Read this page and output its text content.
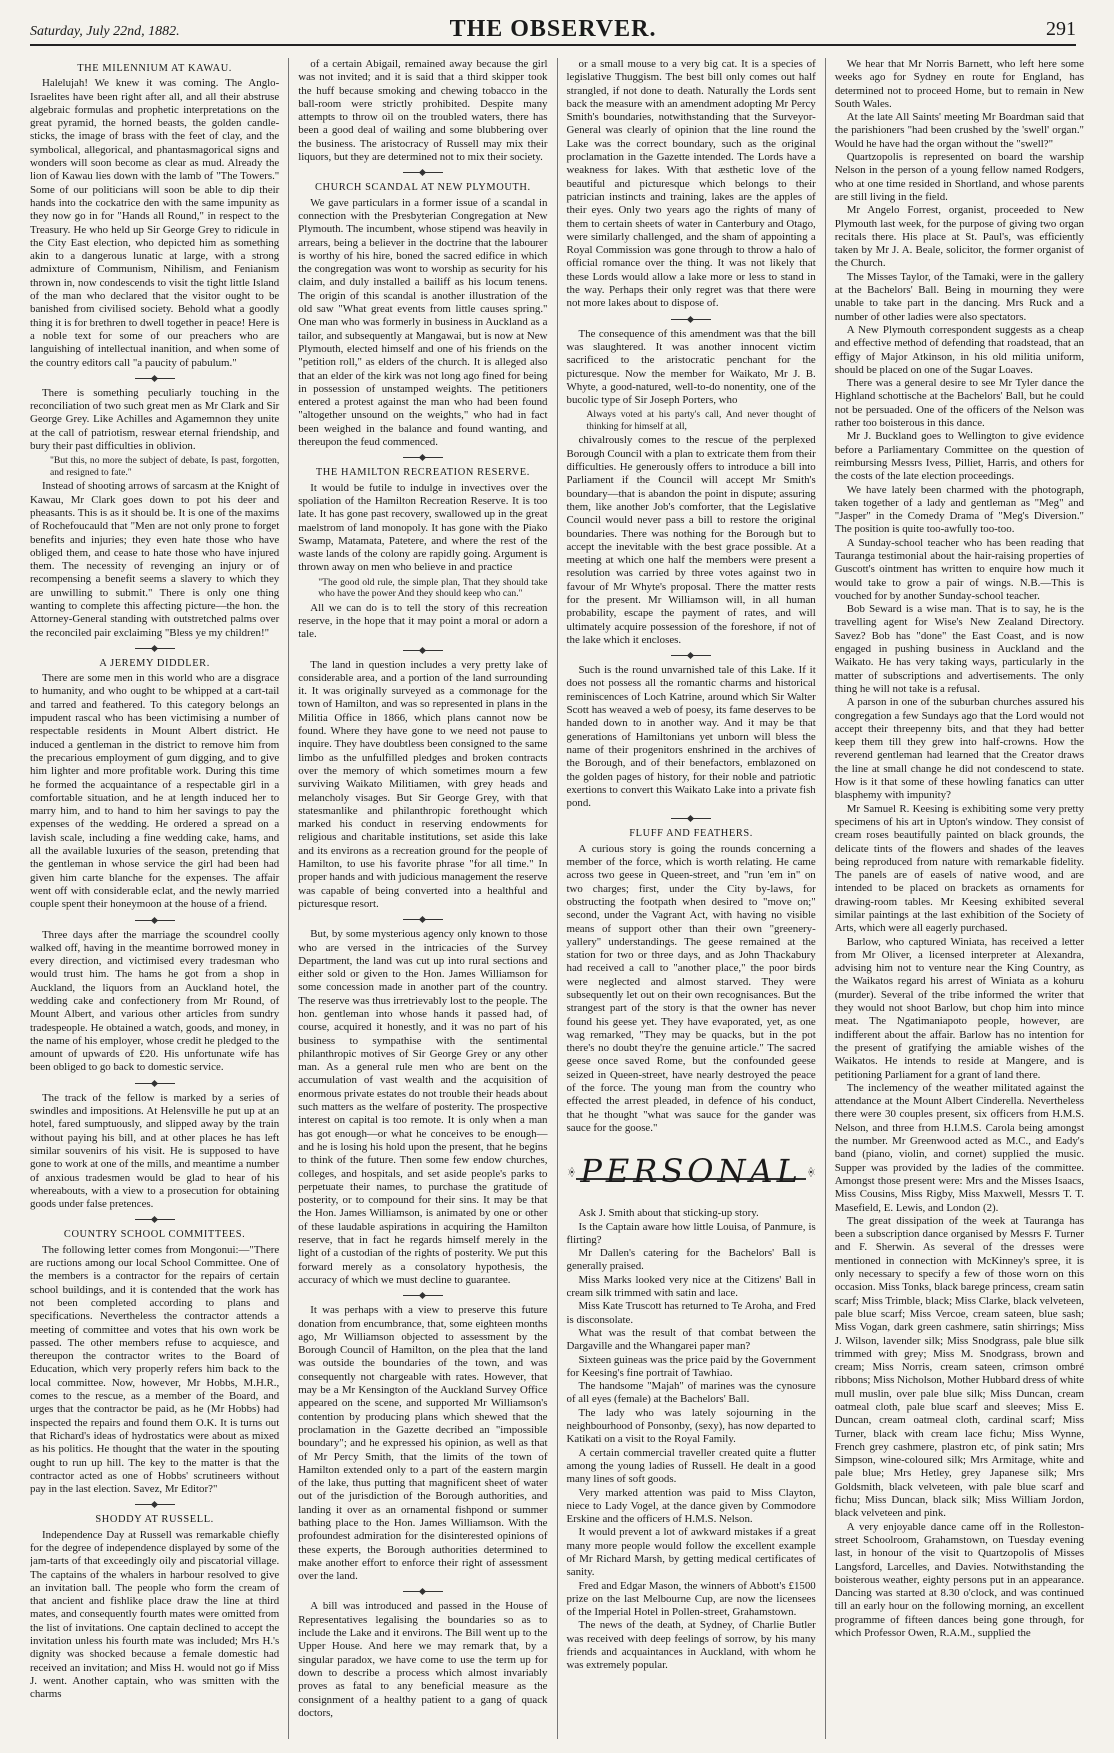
Saturday, July 22nd, 1882.	THE OBSERVER.	291
THE MILENNIUM AT KAWAU.

Halelujah! We knew it was coming. The Anglo-Israelites have been right after all, and all their abstruse algebraic formulas and prophetic interpretations on the great pyramid, the horned beasts, the golden candle-sticks, the image of brass with the feet of clay, and the symbolical, allegorical, and phantasmagorical signs and wonders will soon become as clear as mud. Already the lion of Kawau lies down with the lamb of "The Towers." Some of our politicians will soon be able to dip their hands into the cockatrice den with the same impunity as they now go in for "Hands all Round," in respect to the Treasury. He who held up Sir George Grey to ridicule in the City East election, who depicted him as something akin to a dangerous lunatic at large, with a strong admixture of Communism, Nihilism, and Fenianism thrown in, now condescends to visit the tight little Island of the man who declared that the visitor ought to be banished from civilised society. Behold what a goodly thing it is for brethren to dwell together in peace! Here is a noble text for some of our preachers who are languishing of intellectual inanition, and when some of the country editors call "a paucity of pabulum."

There is something peculiarly touching in the reconciliation of two such great men as Mr Clark and Sir George Grey. Like Achilles and Agamemnon they unite at the call of patriotism, reswear eternal friendship, and bury their past difficulties in oblivion.

"But this, no more the subject of debate, Is past, forgotten, and resigned to fate."

Instead of shooting arrows of sarcasm at the Knight of Kawau, Mr Clark goes down to pot his deer and pheasants. This is as it should be. It is one of the maxims of Rochefoucauld that "Men are not only prone to forget benefits and injuries; they even hate those who have obliged them, and cease to hate those who have injured them. The necessity of revenging an injury or of recompensing a benefit seems a slavery to which they are unwilling to submit." There is only one thing wanting to complete this affecting picture—the hon. the Attorney-General standing with outstretched palms over the reconciled pair exclaiming "Bless ye my children!"

A JEREMY DIDDLER.

There are some men in this world who are a disgrace to humanity, and who ought to be whipped at a cart-tail and tarred and feathered. To this category belongs an impudent rascal who has been victimising a number of respectable residents in Mount Albert district. He induced a gentleman in the district to remove him from the precarious employment of gum digging, and to give him lighter and more profitable work. During this time he formed the acquaintance of a respectable girl in a comfortable situation, and he at length induced her to marry him, and to hand to him her savings to pay the expenses of the wedding. He ordered a spread on a lavish scale, including a fine wedding cake, hams, and all the available luxuries of the season, pretending that the gentleman in whose service the girl had been had given him carte blanche for the expenses. The affair went off with considerable eclat, and the newly married couple spent their honeymoon at the house of a friend.

Three days after the marriage the scoundrel coolly walked off, having in the meantime borrowed money in every direction, and victimised every tradesman who would trust him. The hams he got from a shop in Auckland, the liquors from an Auckland hotel, the wedding cake and confectionery from Mr Round, of Mount Albert, and various other articles from sundry tradespeople. He obtained a watch, goods, and money, in the name of his employer, whose credit he pledged to the amount of upwards of £20. His unfortunate wife has been obliged to go back to domestic service.

The track of the fellow is marked by a series of swindles and impositions. At Helensville he put up at an hotel, fared sumptuously, and slipped away by the train without paying his bill, and at other places he has left similar souvenirs of his visit. He is supposed to have gone to work at one of the mills, and meantime a number of anxious tradesmen would be glad to hear of his whereabouts, with a view to a prosecution for obtaining goods under false pretences.

COUNTRY SCHOOL COMMITTEES.

The following letter comes from Mongonui:—"There are ructions among our local School Committee. One of the members is a contractor for the repairs of certain school buildings, and it is contended that the work has not been completed according to plans and specifications. Nevertheless the contractor attends a meeting of committee and votes that his own work be passed. The other members refuse to acquiesce, and thereupon the contractor writes to the Board of Education, which very properly refers him back to the local committee. Now, however, Mr Hobbs, M.H.R., comes to the rescue, as a member of the Board, and urges that the contractor be paid, as he (Mr Hobbs) had inspected the repairs and found them O.K. It is turns out that Richard's ideas of hydrostatics were about as mixed as his politics. He thought that the water in the spouting ought to run up hill. The key to the matter is that the contractor acted as one of Hobbs' scrutineers without pay in the last election. Savez, Mr Editor?"

SHODDY AT RUSSELL.

Independence Day at Russell was remarkable chiefly for the degree of independence displayed by some of the jam-tarts of that exceedingly oily and piscatorial village. The captains of the whalers in harbour resolved to give an invitation ball. The people who form the cream of that ancient and fishlike place draw the line at third mates, and consequently fourth mates were omitted from the list of invitations. One captain declined to accept the invitation unless his fourth mate was included; Mrs H.'s dignity was shocked because a female domestic had received an invitation; and Miss H. would not go if Miss J. went. Another captain, who was smitten with the charms

of a certain Abigail, remained away because the girl was not invited; and it is said that a third skipper took the huff because smoking and chewing tobacco in the ball-room were strictly prohibited. Despite many attempts to throw oil on the troubled waters, there has been a good deal of wailing and some blubbering over the business. The aristocracy of Russell may mix their liquors, but they are determined not to mix their society.

CHURCH SCANDAL AT NEW PLYMOUTH.

We gave particulars in a former issue of a scandal in connection with the Presbyterian Congregation at New Plymouth. The incumbent, whose stipend was heavily in arrears, being a believer in the doctrine that the labourer is worthy of his hire, boned the sacred edifice in which the congregation was wont to worship as security for his claim, and duly installed a bailiff as his locum tenens. The origin of this scandal is another illustration of the old saw "What great events from little causes spring." One man who was formerly in business in Auckland as a tailor, and subsequently at Mangawai, but is now at New Plymouth, elected himself and one of his friends on the "petition roll," as elders of the church. It is alleged also that an elder of the kirk was not long ago fined for being in possession of unstamped weights. The petitioners entered a protest against the man who had been found "altogether unsound on the weights," who had in fact been weighed in the balance and found wanting, and thereupon the feud commenced.

THE HAMILTON RECREATION RESERVE.

It would be futile to indulge in invectives over the spoliation of the Hamilton Recreation Reserve. It is too late. It has gone past recovery, swallowed up in the great maelstrom of land monopoly. It has gone with the Piako Swamp, Matamata, Patetere, and where the rest of the waste lands of the colony are rapidly going. Argument is thrown away on men who believe in and practice

"The good old rule, the simple plan, That they should take who have the power And they should keep who can."

All we can do is to tell the story of this recreation reserve, in the hope that it may point a moral or adorn a tale.

The land in question includes a very pretty lake of considerable area, and a portion of the land surrounding it. It was originally surveyed as a commonage for the town of Hamilton, and was so represented in plans in the Militia Office in 1866, which plans cannot now be found. Where they have gone to we need not pause to inquire. They have doubtless been consigned to the same limbo as the unfulfilled pledges and broken contracts over the memory of which sometimes mourn a few surviving Waikato Militiamen, with grey heads and melancholy visages. But Sir George Grey, with that statesmanlike and philanthropic forethought which marked his conduct in reserving endowments for religious and charitable institutions, set aside this lake and its environs as a recreation ground for the people of Hamilton, to use his favorite phrase "for all time." In proper hands and with judicious management the reserve was capable of being converted into a healthful and picturesque resort.

But, by some mysterious agency only known to those who are versed in the intricacies of the Survey Department, the land was cut up into rural sections and either sold or given to the Hon. James Williamson for some concession made in another part of the country. The reserve was thus irretrievably lost to the people. The hon. gentleman into whose hands it passed had, of course, acquired it honestly, and it was no part of his business to sympathise with the sentimental philanthropic motives of Sir George Grey or any other man. As a general rule men who are bent on the accumulation of vast wealth and the acquisition of enormous private estates do not trouble their heads about such matters as the welfare of posterity. The prospective interest on capital is too remote. It is only when a man has got enough—or what he conceives to be enough—and he is losing his hold upon the present, that he begins to think of the future. Then some few endow churches, colleges, and hospitals, and set aside people's parks to perpetuate their names, to purchase the gratitude of posterity, or to compound for their sins. It may be that the Hon. James Williamson, is animated by one or other of these laudable aspirations in acquiring the Hamilton reserve, that in fact he regards himself merely in the light of a custodian of the rights of posterity. We put this forward merely as a consolatory hypothesis, the accuracy of which we must decline to guarantee.

It was perhaps with a view to preserve this future donation from encumbrance, that, some eighteen months ago, Mr Williamson objected to assessment by the Borough Council of Hamilton, on the plea that the land was outside the boundaries of the town, and was consequently not chargeable with rates. However, that may be a Mr Kensington of the Auckland Survey Office appeared on the scene, and supported Mr Williamson's contention by producing plans which shewed that the proclamation in the Gazette decribed an "impossible boundary"; and he expressed his opinion, as well as that of Mr Percy Smith, that the limits of the town of Hamilton extended only to a part of the eastern margin of the lake, thus putting that magnificent sheet of water out of the jurisdiction of the Borough authorities, and landing it over as an ornamental fishpond or summer bathing place to the Hon. James Williamson. With the profoundest admiration for the disinterested opinions of these experts, the Borough authorities determined to make another effort to enforce their right of assessment over the land.

A bill was introduced and passed in the House of Representatives legalising the boundaries so as to include the Lake and it environs. The Bill went up to the Upper House. And here we may remark that, by a singular paradox, we have come to use the term up for down to describe a process which almost invariably proves as fatal to any beneficial measure as the consignment of a healthy patient to a gang of quack doctors,

or a small mouse to a very big cat. It is a species of legislative Thuggism. The best bill only comes out half strangled, if not done to death. Naturally the Lords sent back the measure with an amendment adopting Mr Percy Smith's boundaries, notwithstanding that the Surveyor-General was clearly of opinion that the line round the Lake was the correct boundary, such as the original proclamation in the Gazette intended. The Lords have a weakness for lakes. With that æsthetic love of the beautiful and picturesque which belongs to their patrician instincts and training, lakes are the apples of their eyes. Only two years ago the rights of many of them to certain sheets of water in Canterbury and Otago, were similarly challenged, and the sham of appointing a Royal Commission was gone through to throw a halo of official romance over the thing. It was not likely that these Lords would allow a lake more or less to stand in the way. Perhaps their only regret was that there were not more lakes about to dispose of.

The consequence of this amendment was that the bill was slaughtered. It was another innocent victim sacrificed to the aristocratic penchant for the picturesque. Now the member for Waikato, Mr J. B. Whyte, a good-natured, well-to-do nonentity, one of the bucolic type of Sir Joseph Porters, who

Always voted at his party's call, And never thought of thinking for himself at all,

chivalrously comes to the rescue of the perplexed Borough Council with a plan to extricate them from their difficulties. He generously offers to introduce a bill into Parliament if the Council will accept Mr Smith's boundary—that is abandon the point in dispute; assuring them, like another Job's comforter, that the Legislative Council would never pass a bill to restore the original boundaries. There was nothing for the Borough but to accept the inevitable with the best grace possible. At a meeting at which one half the members were present a resolution was carried by three votes against two in favour of Mr Whyte's proposal. There the matter rests for the present. Mr Williamson will, in all human probability, escape the payment of rates, and will ultimately acquire possession of the foreshore, if not of the lake which it encloses.

Such is the round unvarnished tale of this Lake. If it does not possess all the romantic charms and historical reminiscences of Loch Katrine, around which Sir Walter Scott has weaved a web of poesy, its fame deserves to be handed down to in another way. And it may be that generations of Hamiltonians yet unborn will bless the name of their progenitors enshrined in the archives of the Borough, and of their benefactors, emblazoned on the golden pages of history, for their noble and patriotic exertions to convert this Waikato Lake into a private fish pond.

FLUFF AND FEATHERS.

A curious story is going the rounds concerning a member of the force, which is worth relating. He came across two geese in Queen-street, and "run 'em in" on two charges; first, under the City by-laws, for obstructing the footpath when desired to "move on;" second, under the Vagrant Act, with having no visible means of support other than their own "greenery-yallery" understandings. The geese remained at the station for two or three days, and as John Thackabury had received a call to "another place," the poor birds were neglected and almost starved. They were subsequently let out on their own recognisances. But the strangest part of the story is that the owner has never found his geese yet. They have evaporated, yet, as one wag remarked, "They may be quacks, but in the pot there's no doubt they're the genuine article." The sacred geese once saved Rome, but the confounded geese seized in Queen-street, have nearly destroyed the peace of the force. The young man from the country who effected the arrest pleaded, in defence of his conduct, that he thought "what was sauce for the gander was sauce for the goose."

PERSONAL

Ask J. Smith about that sticking-up story.

Is the Captain aware how little Louisa, of Panmure, is flirting?

Mr Dallen's catering for the Bachelors' Ball is generally praised.

Miss Marks looked very nice at the Citizens' Ball in cream silk trimmed with satin and lace.

Miss Kate Truscott has returned to Te Aroha, and Fred is disconsolate.

What was the result of that combat between the Dargaville and the Whangarei paper man?

Sixteen guineas was the price paid by the Government for Keesing's fine portrait of Tawhiao.

The handsome "Majah" of marines was the cynosure of all eyes (female) at the Bachelors' Ball.

The lady who was lately sojourning in the neighbourhood of Ponsonby, (sexy), has now departed to Katikati on a visit to the Royal Family.

A certain commercial traveller created quite a flutter among the young ladies of Russell. He dealt in a good many lines of soft goods.

Very marked attention was paid to Miss Clayton, niece to Lady Vogel, at the dance given by Commodore Erskine and the officers of H.M.S. Nelson.

It would prevent a lot of awkward mistakes if a great many more people would follow the excellent example of Mr Richard Marsh, by getting medical certificates of sanity.

Fred and Edgar Mason, the winners of Abbott's £1500 prize on the last Melbourne Cup, are now the licensees of the Imperial Hotel in Pollen-street, Grahamstown.

The news of the death, at Sydney, of Charlie Butler was received with deep feelings of sorrow, by his many friends and acquaintances in Auckland, with whom he was extremely popular.

We hear that Mr Norris Barnett, who left here some weeks ago for Sydney en route for England, has determined not to proceed Home, but to remain in New South Wales.

At the late All Saints' meeting Mr Boardman said that the parishioners "had been crushed by the 'swell' organ." Would he have had the organ without the "swell?"

Quartzopolis is represented on board the warship Nelson in the person of a young fellow named Rodgers, who at one time resided in Shortland, and whose parents are still living in the field.

Mr Angelo Forrest, organist, proceeded to New Plymouth last week, for the purpose of giving two organ recitals there. His place at St. Paul's, was efficiently taken by Mr J. A. Beale, solicitor, the former organist of the Church.

The Misses Taylor, of the Tamaki, were in the gallery at the Bachelors' Ball. Being in mourning they were unable to take part in the dancing. Mrs Ruck and a number of other ladies were also spectators.

A New Plymouth correspondent suggests as a cheap and effective method of defending that roadstead, that an effigy of Major Atkinson, in his old militia uniform, should be placed on one of the Sugar Loaves.

There was a general desire to see Mr Tyler dance the Highland schottische at the Bachelors' Ball, but he could not be persuaded. One of the officers of the Nelson was rather too boisterous in this dance.

Mr J. Buckland goes to Wellington to give evidence before a Parliamentary Committee on the question of reimbursing Messrs Ivess, Pilliet, Harris, and others for the costs of the late election proceedings.

We have lately been charmed with the photograph, taken together of a lady and gentleman as "Meg" and "Jasper" in the Comedy Drama of "Meg's Diversion." The position is quite too-awfully too-too.

A Sunday-school teacher who has been reading that Tauranga testimonial about the hair-raising properties of Guscott's ointment has written to enquire how much it would take to grow a pair of wings. N.B.—This is vouched for by another Sunday-school teacher.

Bob Seward is a wise man. That is to say, he is the travelling agent for Wise's New Zealand Directory. Savez? Bob has "done" the East Coast, and is now engaged in pushing business in Auckland and the Waikato. He has very taking ways, particularly in the matter of subscriptions and advertisements. The only thing he will not take is a refusal.

A parson in one of the suburban churches assured his congregation a few Sundays ago that the Lord would not accept their threepenny bits, and that they had better keep them till they grew into half-crowns. How the reverend gentleman had learned that the Creator draws the line at small change he did not condescend to state. How is it that some of these howling fanatics can utter blasphemy with impunity?

Mr Samuel R. Keesing is exhibiting some very pretty specimens of his art in Upton's window. They consist of cream roses beautifully painted on black grounds, the delicate tints of the flowers and shades of the leaves being reproduced from nature with remarkable fidelity. The panels are of easels of native wood, and are intended to be placed on brackets as ornaments for drawing-room tables. Mr Keesing exhibited several similar paintings at the last exhibition of the Society of Arts, which were all eagerly purchased.

Barlow, who captured Winiata, has received a letter from Mr Oliver, a licensed interpreter at Alexandra, advising him not to venture near the King Country, as the Waikatos regard his arrest of Winiata as a kohuru (murder). Several of the tribe informed the writer that they would not shoot Barlow, but chop him into mince meat. The Ngatimaniapoto people, however, are indifferent about the affair. Barlow has no intention for the present of gratifying the amiable wishes of the Waikatos. He intends to reside at Mangere, and is petitioning Parliament for a grant of land there.

The inclemency of the weather militated against the attendance at the Mount Albert Cinderella. Nevertheless there were 30 couples present, six officers from H.M.S. Nelson, and three from H.I.M.S. Carola being amongst the number. Mr Greenwood acted as M.C., and Eady's band (piano, violin, and cornet) supplied the music. Supper was provided by the ladies of the committee. Amongst those present were: Mrs and the Misses Isaacs, Miss Cousins, Miss Rigby, Miss Maxwell, Messrs T. T. Masefield, E. Lewis, and London (2).

The great dissipation of the week at Tauranga has been a subscription dance organised by Messrs F. Turner and F. Sherwin. As several of the dresses were mentioned in connection with McKinney's spree, it is only necessary to specify a few of those worn on this occasion. Miss Tonks, black barege princess, cream satin scarf; Miss Trimble, black; Miss Clarke, black velveteen, pale blue scarf; Miss Vercoe, cream sateen, blue sash; Miss Vogan, dark green cashmere, satin shirrings; Miss J. Wilson, lavender silk; Miss Snodgrass, pale blue silk trimmed with grey; Miss M. Snodgrass, brown and cream; Miss Norris, cream sateen, crimson ombré ribbons; Miss Nicholson, Mother Hubbard dress of white mull muslin, over pale blue silk; Miss Duncan, cream oatmeal cloth, pale blue scarf and sleeves; Miss E. Duncan, cream oatmeal cloth, cardinal scarf; Miss Turner, black with cream lace fichu; Miss Wynne, French grey cashmere, plastron etc, of pink satin; Mrs Simpson, wine-coloured silk; Mrs Armitage, white and pale blue; Mrs Hetley, grey Japanese silk; Mrs Goldsmith, black velveteen, with pale blue scarf and fichu; Miss Duncan, black silk; Miss William Jordon, black velveteen and pink.

A very enjoyable dance came off in the Rolleston-street Schoolroom, Grahamstown, on Tuesday evening last, in honour of the visit to Quartzopolis of Misses Langsford, Larcelles, and Davies. Notwithstanding the boisterous weather, eighty persons put in an appearance. Dancing was started at 8.30 o'clock, and was continued till an early hour on the following morning, an excellent programme of fifteen dances being gone through, for which Professor Owen, R.A.M., supplied the
